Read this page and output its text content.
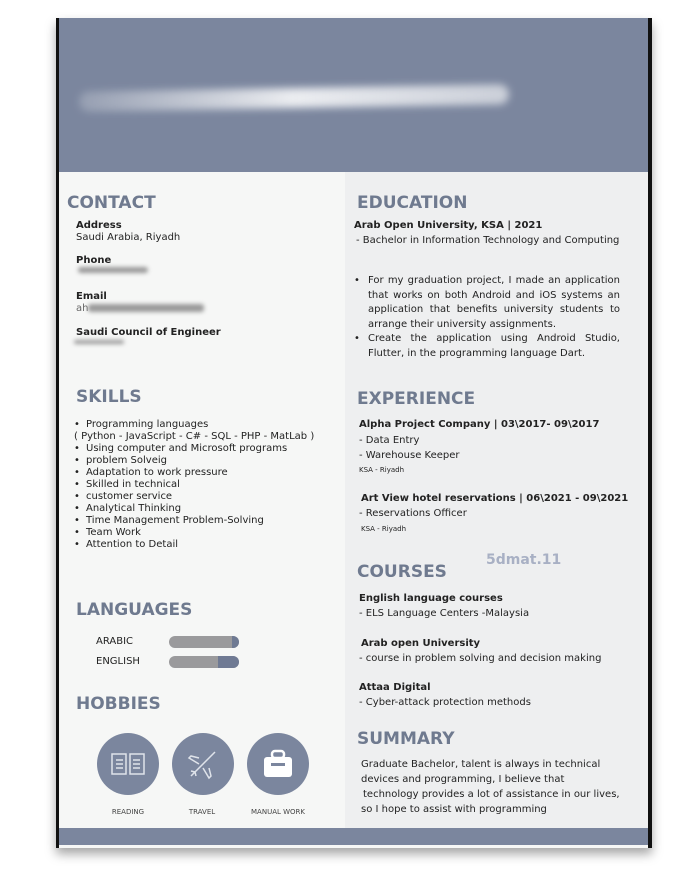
CONTACT
Address
Saudi Arabia, Riyadh
Phone
Email
ah
Saudi Council of Engineer
SKILLS
• Programming languages
( Python - JavaScript - C# - SQL - PHP - MatLab )
• Using computer and Microsoft programs
• problem Solveig
• Adaptation to work pressure
• Skilled in technical
• customer service
• Analytical Thinking
• Time Management Problem-Solving
• Team Work
• Attention to Detail
LANGUAGES
ARABIC
ENGLISH
HOBBIES
READING	TRAVEL	MANUAL WORK
EDUCATION
Arab Open University, KSA | 2021
- Bachelor in Information Technology and Computing
• For my graduation project, I made an application that works on both Android and iOS systems an application that benefits university students to arrange their university assignments.
• Create the application using Android Studio, Flutter, in the programming language Dart.
EXPERIENCE
Alpha Project Company | 03\2017- 09\2017
- Data Entry
- Warehouse Keeper
KSA - Riyadh
Art View hotel reservations | 06\2021 - 09\2021
- Reservations Officer
KSA - Riyadh
5dmat.11
COURSES
English language courses
- ELS Language Centers -Malaysia
Arab open University
- course in problem solving and decision making
Attaa Digital
- Cyber-attack protection methods
SUMMARY
Graduate Bachelor, talent is always in technical
devices and programming, I believe that
technology provides a lot of assistance in our lives,
so I hope to assist with programming
